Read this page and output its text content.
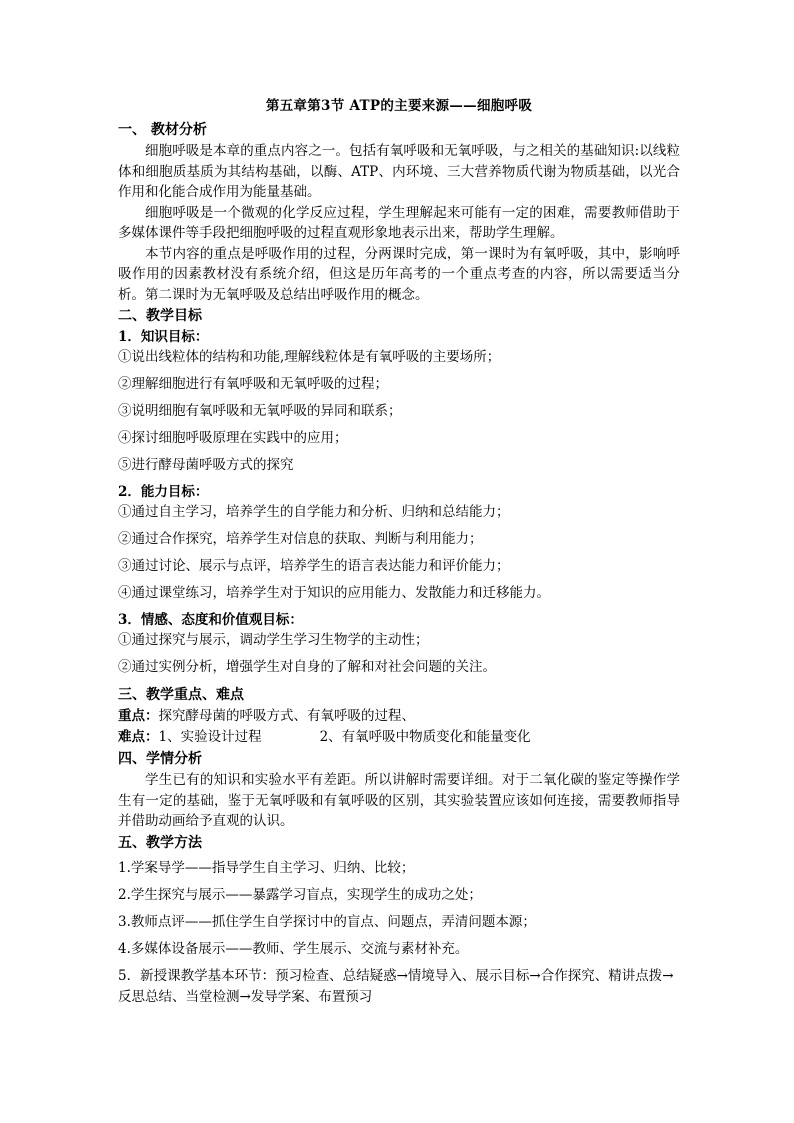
第五章第3节 ATP的主要来源——细胞呼吸
一、 教材分析

细胞呼吸是本章的重点内容之一。包括有氧呼吸和无氧呼吸，与之相关的基础知识:以线粒体和细胞质基质为其结构基础，以酶、ATP、内环境、三大营养物质代谢为物质基础，以光合作用和化能合成作用为能量基础。

细胞呼吸是一个微观的化学反应过程，学生理解起来可能有一定的困难，需要教师借助于多媒体课件等手段把细胞呼吸的过程直观形象地表示出来，帮助学生理解。

本节内容的重点是呼吸作用的过程，分两课时完成，第一课时为有氧呼吸，其中，影响呼吸作用的因素教材没有系统介绍，但这是历年高考的一个重点考查的内容，所以需要适当分析。第二课时为无氧呼吸及总结出呼吸作用的概念。

二、教学目标
1．知识目标：
①说出线粒体的结构和功能,理解线粒体是有氧呼吸的主要场所；
②理解细胞进行有氧呼吸和无氧呼吸的过程；
③说明细胞有氧呼吸和无氧呼吸的异同和联系；
④探讨细胞呼吸原理在实践中的应用；
⑤进行酵母菌呼吸方式的探究
2．能力目标：
①通过自主学习，培养学生的自学能力和分析、归纳和总结能力；
②通过合作探究，培养学生对信息的获取、判断与利用能力；
③通过讨论、展示与点评，培养学生的语言表达能力和评价能力；
④通过课堂练习，培养学生对于知识的应用能力、发散能力和迁移能力。
3．情感、态度和价值观目标：
①通过探究与展示，调动学生学习生物学的主动性；
②通过实例分析，增强学生对自身的了解和对社会问题的关注。
三、教学重点、难点
重点：探究酵母菌的呼吸方式、有氧呼吸的过程、
难点：1、实验设计过程	2、有氧呼吸中物质变化和能量变化
四、学情分析

学生已有的知识和实验水平有差距。所以讲解时需要详细。对于二氧化碳的鉴定等操作学生有一定的基础，鉴于无氧呼吸和有氧呼吸的区别，其实验装置应该如何连接，需要教师指导并借助动画给予直观的认识。

五、教学方法
1.学案导学——指导学生自主学习、归纳、比较；
2.学生探究与展示——暴露学习盲点，实现学生的成功之处；
3.教师点评——抓住学生自学探讨中的盲点、问题点，弄清问题本源；
4.多媒体设备展示——教师、学生展示、交流与素材补充。
5．新授课教学基本环节：预习检查、总结疑惑→情境导入、展示目标→合作探究、精讲点拨→反思总结、当堂检测→发导学案、布置预习
